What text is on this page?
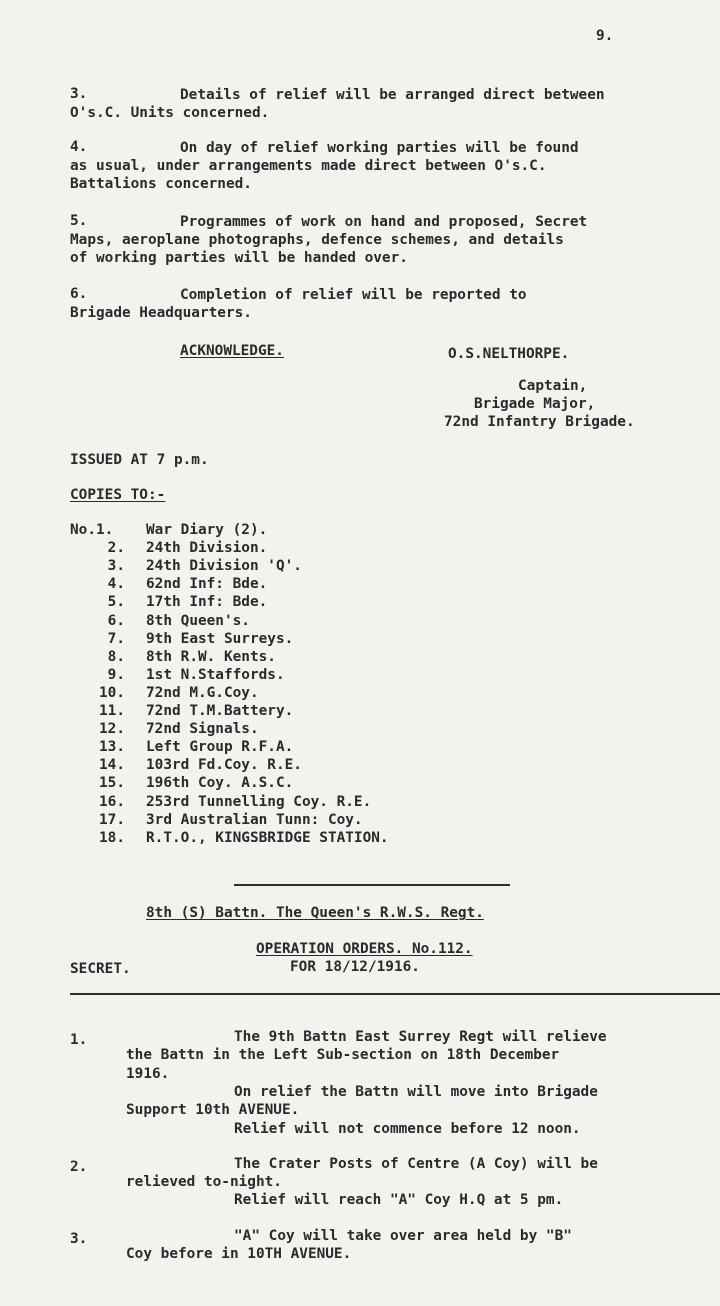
9.
3.	Details of relief will be arranged direct between
O's.C. Units concerned.
4.	On day of relief working parties will be found
as usual, under arrangements made direct between O's.C.
Battalions concerned.
5.	Programmes of work on hand and proposed, Secret
Maps, aeroplane photographs, defence schemes, and details
of working parties will be handed over.
6.	Completion of relief will be reported to
Brigade Headquarters.
ACKNOWLEDGE.	O.S.NELTHORPE.
Captain,
Brigade Major,
72nd Infantry Brigade.
ISSUED AT 7 p.m.
COPIES TO:-
No.1.	War Diary (2).
2. 24th Division.
3. 24th Division 'Q'.
4. 62nd Inf: Bde.
5. 17th Inf: Bde.
6. 8th Queen's.
7. 9th East Surreys.
8. 8th R.W. Kents.
9. 1st N.Staffords.
10. 72nd M.G.Coy.
11. 72nd T.M.Battery.
12. 72nd Signals.
13. Left Group R.F.A.
14. 103rd Fd.Coy. R.E.
15. 196th Coy. A.S.C.
16. 253rd Tunnelling Coy. R.E.
17. 3rd Australian Tunn: Coy.
18. R.T.O., KINGSBRIDGE STATION.
8th (S) Battn. The Queen's R.W.S. Regt.
OPERATION ORDERS. No.112.
FOR 18/12/1916.
SECRET.
1.	The 9th Battn East Surrey Regt will relieve
the Battn in the Left Sub-section on 18th December
1916.
On relief the Battn will move into Brigade
Support 10th AVENUE.
Relief will not commence before 12 noon.
2.	The Crater Posts of Centre (A Coy) will be
relieved to-night.
Relief will reach "A" Coy H.Q at 5 pm.
3.	"A" Coy will take over area held by "B"
Coy before in 10TH AVENUE.
